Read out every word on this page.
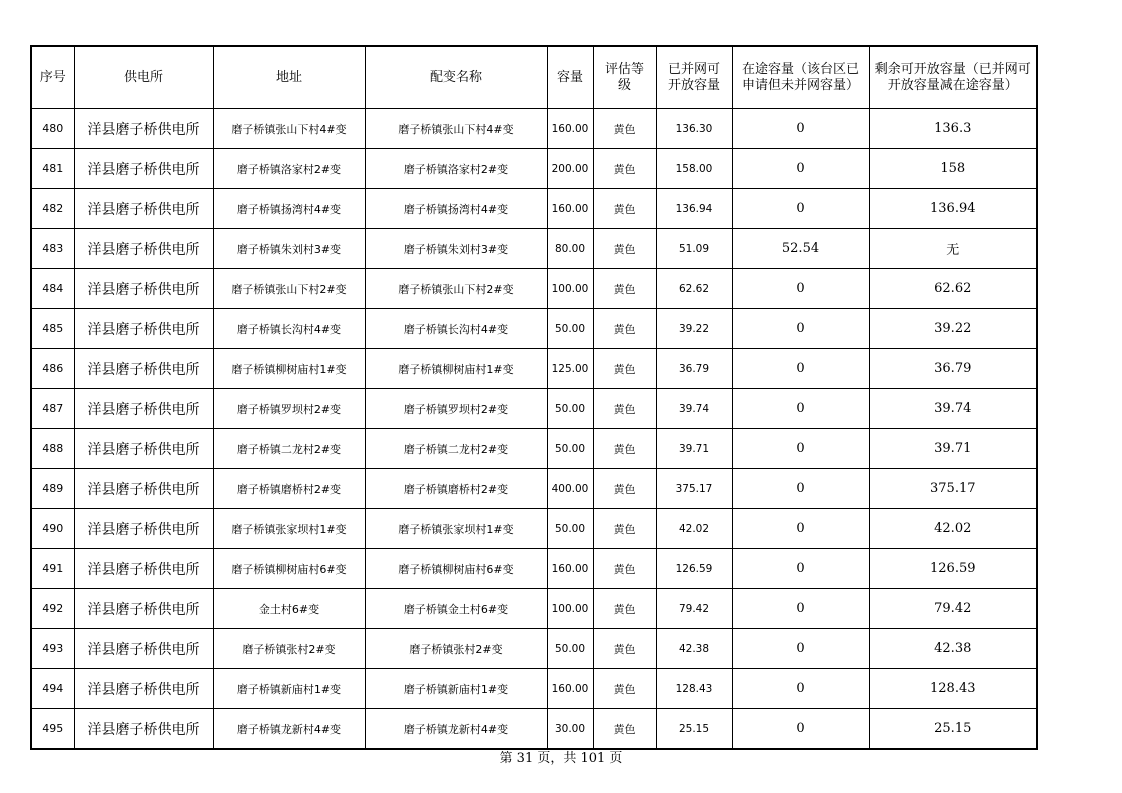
序号	供电所	地址	配变名称	容量	评估等级	已并网可开放容量	在途容量（该台区已申请但未并网容量）	剩余可开放容量（已并网可开放容量减在途容量）
480	洋县磨子桥供电所	磨子桥镇张山下村4#变	磨子桥镇张山下村4#变	160.00	黄色	136.30	0	136.3
481	洋县磨子桥供电所	磨子桥镇洛家村2#变	磨子桥镇洛家村2#变	200.00	黄色	158.00	0	158
482	洋县磨子桥供电所	磨子桥镇扬湾村4#变	磨子桥镇扬湾村4#变	160.00	黄色	136.94	0	136.94
483	洋县磨子桥供电所	磨子桥镇朱刘村3#变	磨子桥镇朱刘村3#变	80.00	黄色	51.09	52.54	无
484	洋县磨子桥供电所	磨子桥镇张山下村2#变	磨子桥镇张山下村2#变	100.00	黄色	62.62	0	62.62
485	洋县磨子桥供电所	磨子桥镇长沟村4#变	磨子桥镇长沟村4#变	50.00	黄色	39.22	0	39.22
486	洋县磨子桥供电所	磨子桥镇柳树庙村1#变	磨子桥镇柳树庙村1#变	125.00	黄色	36.79	0	36.79
487	洋县磨子桥供电所	磨子桥镇罗坝村2#变	磨子桥镇罗坝村2#变	50.00	黄色	39.74	0	39.74
488	洋县磨子桥供电所	磨子桥镇二龙村2#变	磨子桥镇二龙村2#变	50.00	黄色	39.71	0	39.71
489	洋县磨子桥供电所	磨子桥镇磨桥村2#变	磨子桥镇磨桥村2#变	400.00	黄色	375.17	0	375.17
490	洋县磨子桥供电所	磨子桥镇张家坝村1#变	磨子桥镇张家坝村1#变	50.00	黄色	42.02	0	42.02
491	洋县磨子桥供电所	磨子桥镇柳树庙村6#变	磨子桥镇柳树庙村6#变	160.00	黄色	126.59	0	126.59
492	洋县磨子桥供电所	金土村6#变	磨子桥镇金土村6#变	100.00	黄色	79.42	0	79.42
493	洋县磨子桥供电所	磨子桥镇张村2#变	磨子桥镇张村2#变	50.00	黄色	42.38	0	42.38
494	洋县磨子桥供电所	磨子桥镇新庙村1#变	磨子桥镇新庙村1#变	160.00	黄色	128.43	0	128.43
495	洋县磨子桥供电所	磨子桥镇龙新村4#变	磨子桥镇龙新村4#变	30.00	黄色	25.15	0	25.15
第 31 页，共 101 页
